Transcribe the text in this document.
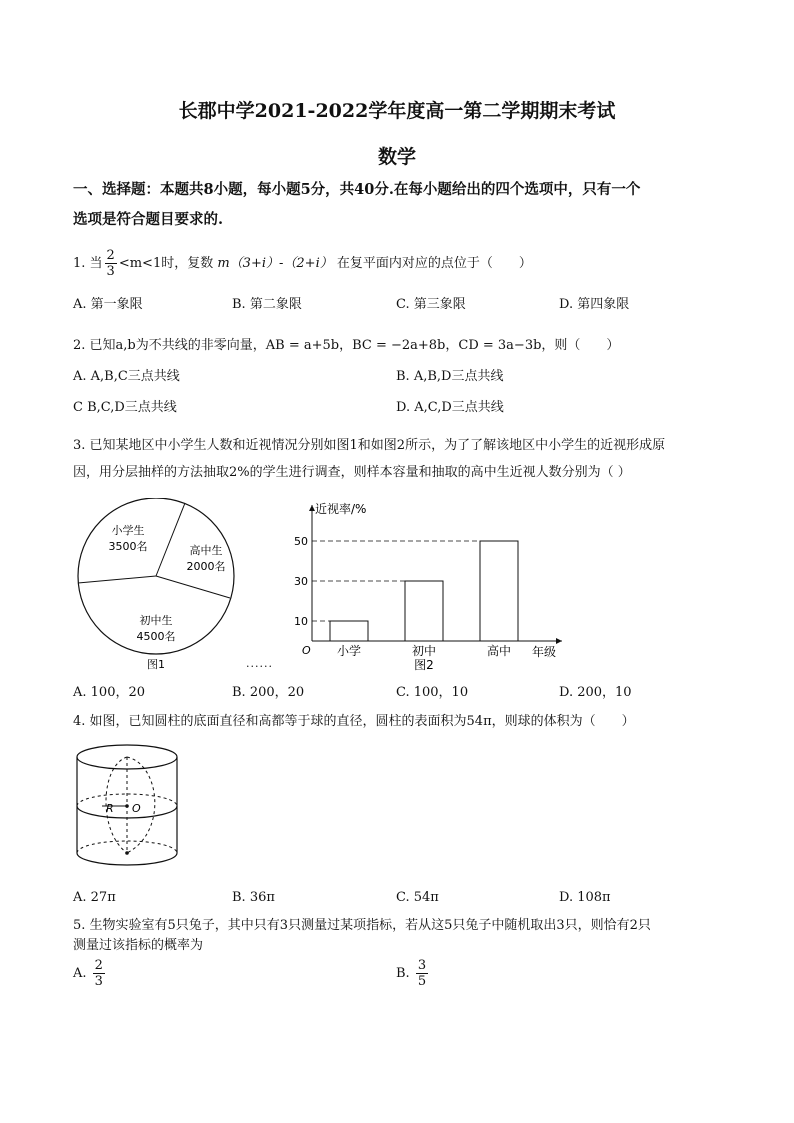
长郡中学2021-2022学年度高一第二学期期末考试
数学
一、选择题：本题共8小题，每小题5分，共40分.在每小题给出的四个选项中，只有一个
选项是符合题目要求的.
1. 当 $\frac{2}{3} <m<1$时，复数 m（3+i）-（2+i） 在复平面内对应的点位于（　　）
A. 第一象限	B. 第二象限	C. 第三象限	D. 第四象限
2. 已知a,b为不共线的非零向量，AB = a+5b，BC = −2a+8b，CD = 3a−3b，则（　　）
A. A,B,C三点共线	B. A,B,D三点共线
C B,C,D三点共线	D. A,C,D三点共线
3. 已知某地区中小学生人数和近视情况分别如图1和如图2所示，为了了解该地区中小学生的近视形成原
因，用分层抽样的方法抽取2%的学生进行调查，则样本容量和抽取的高中生近视人数分别为（ ）
小学生
3500名	高中生
2000名
初中生
4500名
图1	......
近视率/%
年级
O 小学	初中	高中
10
30
50
图2
A. 100，20	B. 200，20	C. 100，10	D. 200，10
4. 如图，已知圆柱的底面直径和高都等于球的直径，圆柱的表面积为54π，则球的体积为（　　）
R O
A. 27π	B. 36π	C. 54π	D. 108π
5. 生物实验室有5只兔子，其中只有3只测量过某项指标，若从这5只兔子中随机取出3只，则恰有2只
测量过该指标的概率为
A. $\frac{2}{3}$	B. $\frac{3}{5}$
